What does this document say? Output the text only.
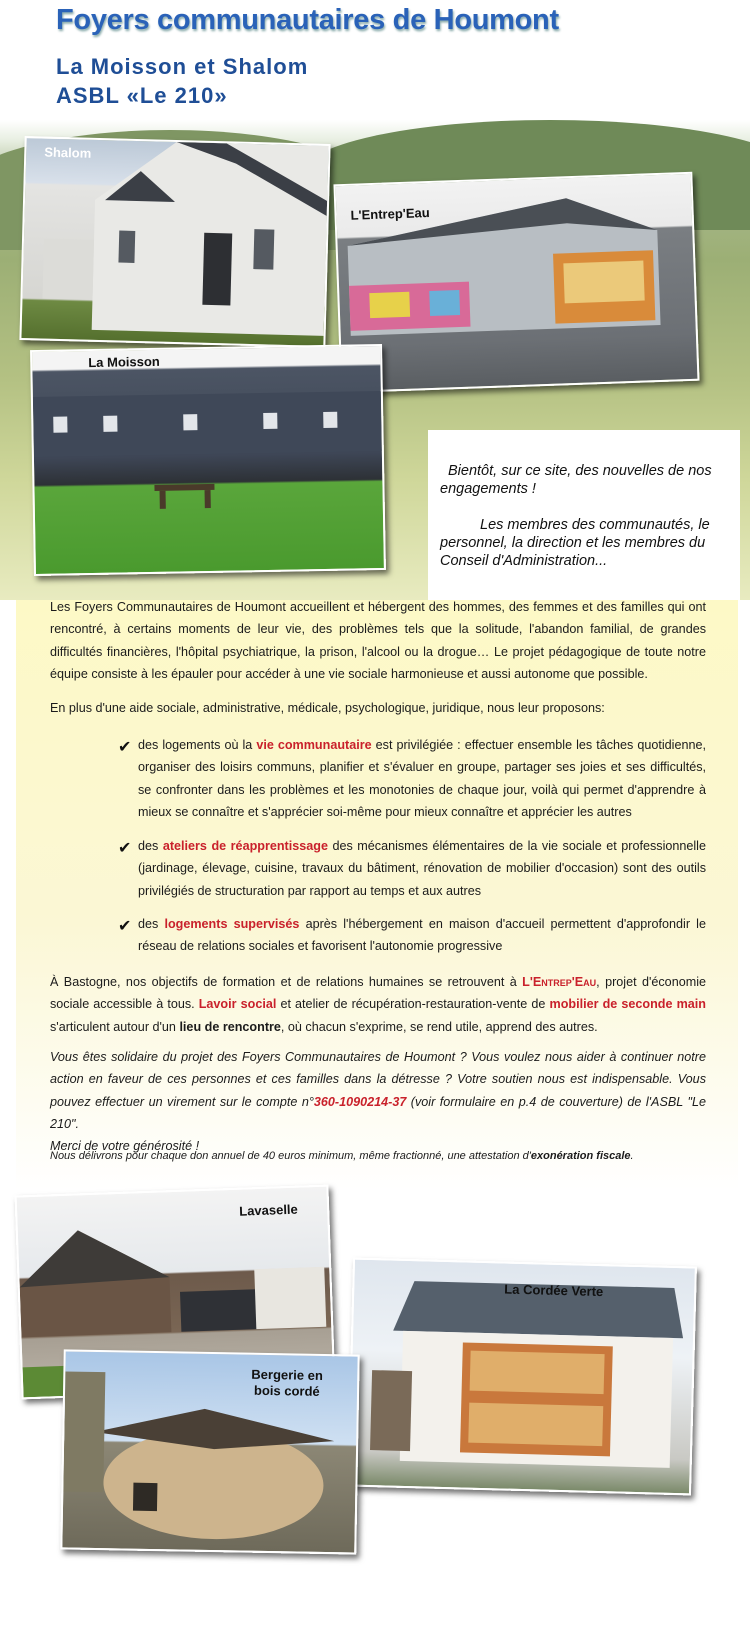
Foyers communautaires de Houmont
La Moisson et Shalom
ASBL «Le 210»
Shalom
L'Entrep'Eau
La Moisson
Bientôt, sur ce site, des nouvelles de nos engagements !
Les membres des communautés, le personnel, la direction et les membres du Conseil d'Administration...
Les Foyers Communautaires de Houmont accueillent et hébergent des hommes, des femmes et des familles qui ont rencontré, à certains moments de leur vie, des problèmes tels que la solitude, l'abandon familial, de grandes difficultés financières, l'hôpital psychiatrique, la prison, l'alcool ou la drogue… Le projet pédagogique de toute notre équipe consiste à les épauler pour accéder à une vie sociale harmonieuse et aussi autonome que possible.
En plus d'une aide sociale, administrative, médicale, psychologique, juridique, nous leur proposons:
✔ des logements où la vie communautaire est privilégiée : effectuer ensemble les tâches quotidienne, organiser des loisirs communs, planifier et s'évaluer en groupe, partager ses joies et ses difficultés, se confronter dans les problèmes et les monotonies de chaque jour, voilà qui permet d'apprendre à mieux se connaître et s'apprécier soi-même pour mieux connaître et apprécier les autres
✔ des ateliers de réapprentissage des mécanismes élémentaires de la vie sociale et professionnelle (jardinage, élevage, cuisine, travaux du bâtiment, rénovation de mobilier d'occasion) sont des outils privilégiés de structuration par rapport au temps et aux autres
✔ des logements supervisés après l'hébergement en maison d'accueil permettent d'approfondir le réseau de relations sociales et favorisent l'autonomie progressive
À Bastogne, nos objectifs de formation et de relations humaines se retrouvent à L'Entrep'Eau, projet d'économie sociale accessible à tous. Lavoir social et atelier de récupération-restauration-vente de mobilier de seconde main s'articulent autour d'un lieu de rencontre, où chacun s'exprime, se rend utile, apprend des autres.
Vous êtes solidaire du projet des Foyers Communautaires de Houmont ? Vous voulez nous aider à continuer notre action en faveur de ces personnes et ces familles dans la détresse ? Votre soutien nous est indispensable. Vous pouvez effectuer un virement sur le compte n°360-1090214-37 (voir formulaire en p.4 de couverture) de l'ASBL "Le 210".
Merci de votre générosité !
Nous délivrons pour chaque don annuel de 40 euros minimum, même fractionné, une attestation d'exonération fiscale.
Lavaselle
La Cordée Verte
Bergerie en
bois cordé
